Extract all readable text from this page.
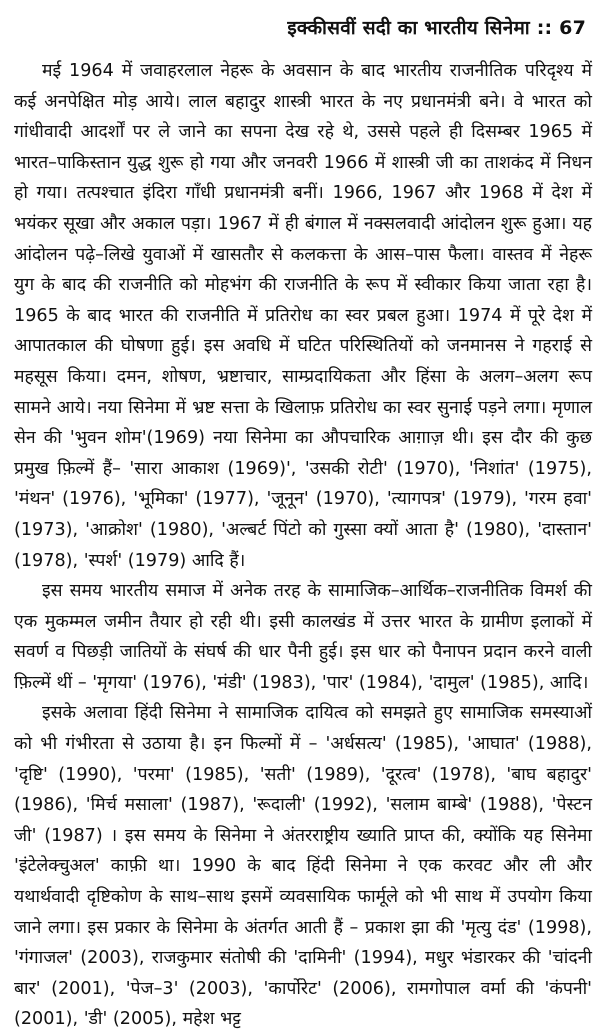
इक्कीसवीं सदी का भारतीय सिनेमा :: 67

मई 1964 में जवाहरलाल नेहरू के अवसान के बाद भारतीय राजनीतिक परिदृश्य में कई अनपेक्षित मोड़ आये। लाल बहादुर शास्त्री भारत के नए प्रधानमंत्री बने। वे भारत को गांधीवादी आदर्शों पर ले जाने का सपना देख रहे थे, उससे पहले ही दिसम्बर 1965 में भारत–पाकिस्तान युद्ध शुरू हो गया और जनवरी 1966 में शास्त्री जी का ताशकंद में निधन हो गया। तत्पश्चात इंदिरा गाँधी प्रधानमंत्री बनीं। 1966, 1967 और 1968 में देश में भयंकर सूखा और अकाल पड़ा। 1967 में ही बंगाल में नक्सलवादी आंदोलन शुरू हुआ। यह आंदोलन पढ़े–लिखे युवाओं में खासतौर से कलकत्ता के आस–पास फैला। वास्तव में नेहरू युग के बाद की राजनीति को मोहभंग की राजनीति के रूप में स्वीकार किया जाता रहा है। 1965 के बाद भारत की राजनीति में प्रतिरोध का स्वर प्रबल हुआ। 1974 में पूरे देश में आपातकाल की घोषणा हुई। इस अवधि में घटित परिस्थितियों को जनमानस ने गहराई से महसूस किया। दमन, शोषण, भ्रष्टाचार, साम्प्रदायिकता और हिंसा के अलग–अलग रूप सामने आये। नया सिनेमा में भ्रष्ट सत्ता के खिलाफ़ प्रतिरोध का स्वर सुनाई पड़ने लगा। मृणाल सेन की 'भुवन शोम'(1969) नया सिनेमा का औपचारिक आग़ाज़ थी। इस दौर की कुछ प्रमुख फ़िल्में हैं– 'सारा आकाश (1969)', 'उसकी रोटी' (1970), 'निशांत' (1975), 'मंथन' (1976), 'भूमिका' (1977), 'जूनून' (1970), 'त्यागपत्र' (1979), 'गरम हवा' (1973), 'आक्रोश' (1980), 'अल्बर्ट पिंटो को गुस्सा क्यों आता है' (1980), 'दास्तान' (1978), 'स्पर्श' (1979) आदि हैं।

इस समय भारतीय समाज में अनेक तरह के सामाजिक–आर्थिक–राजनीतिक विमर्श की एक मुकम्मल जमीन तैयार हो रही थी। इसी कालखंड में उत्तर भारत के ग्रामीण इलाकों में सवर्ण व पिछड़ी जातियों के संघर्ष की धार पैनी हुई। इस धार को पैनापन प्रदान करने वाली फ़िल्में थीं – 'मृगया' (1976), 'मंडी' (1983), 'पार' (1984), 'दामुल' (1985), आदि।

इसके अलावा हिंदी सिनेमा ने सामाजिक दायित्व को समझते हुए सामाजिक समस्याओं को भी गंभीरता से उठाया है। इन फिल्मों में – 'अर्धसत्य' (1985), 'आघात' (1988), 'दृष्टि' (1990), 'परमा' (1985), 'सती' (1989), 'दूरत्व' (1978), 'बाघ बहादुर' (1986), 'मिर्च मसाला' (1987), 'रूदाली' (1992), 'सलाम बाम्बे' (1988), 'पेस्टन जी' (1987) । इस समय के सिनेमा ने अंतरराष्ट्रीय ख्याति प्राप्त की, क्योंकि यह सिनेमा 'इंटेलेक्चुअल' काफ़ी था। 1990 के बाद हिंदी सिनेमा ने एक करवट और ली और यथार्थवादी दृष्टिकोण के साथ–साथ इसमें व्यवसायिक फार्मूले को भी साथ में उपयोग किया जाने लगा। इस प्रकार के सिनेमा के अंतर्गत आती हैं – प्रकाश झा की 'मृत्यु दंड' (1998), 'गंगाजल' (2003), राजकुमार संतोषी की 'दामिनी' (1994), मधुर भंडारकर की 'चांदनी बार' (2001), 'पेज–3' (2003), 'कार्पोरेट' (2006), रामगोपाल वर्मा की 'कंपनी' (2001), 'डी' (2005), महेश भट्ट
